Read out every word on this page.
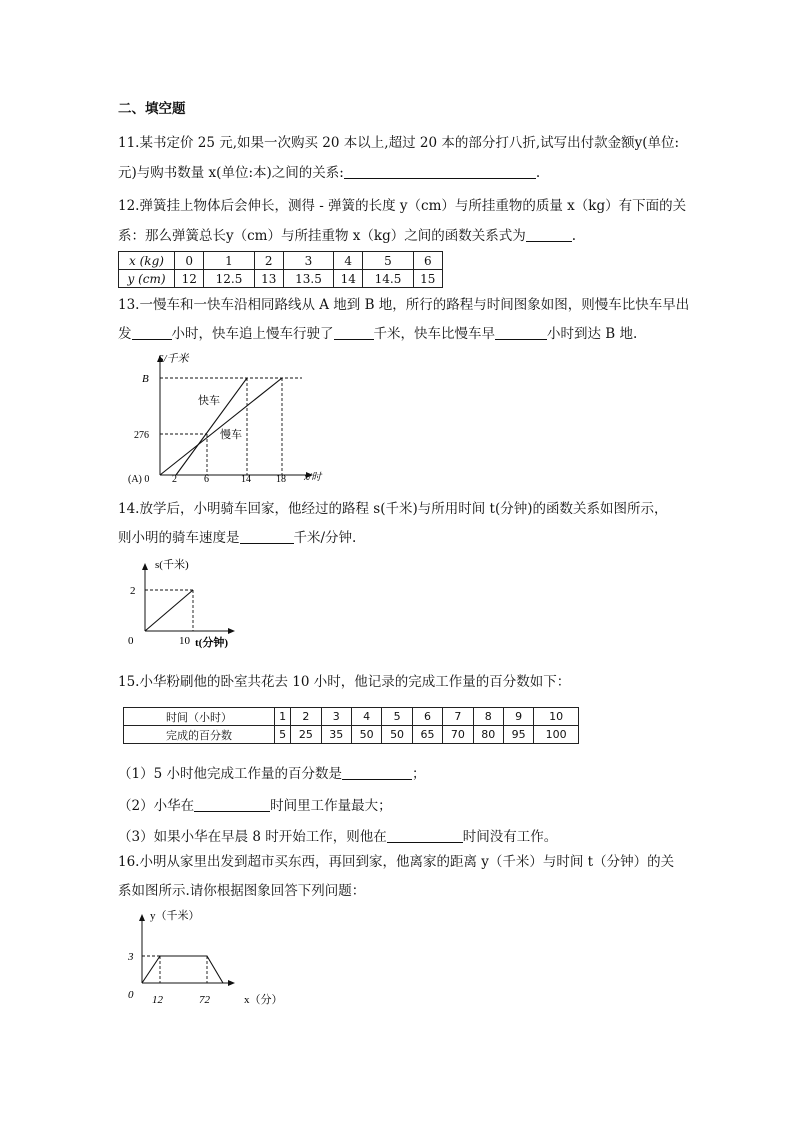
二、填空题
11.某书定价 25 元,如果一次购买 20 本以上,超过 20 本的部分打八折,试写出付款金额y(单位:
元)与购书数量 x(单位:本)之间的关系:	.
12.弹簧挂上物体后会伸长，测得 - 弹簧的长度 y（cm）与所挂重物的质量 x（kg）有下面的关
系：那么弹簧总长y（cm）与所挂重物 x（kg）之间的函数关系式为	.
x (kg)	0	1	2	3	4	5	6
y (cm)	12	12.5	13	13.5	14	14.5	15
13.一慢车和一快车沿相同路线从 A 地到 B 地，所行的路程与时间图象如图，则慢车比快车早出
发	小时，快车追上慢车行驶了	千米，快车比慢车早	小时到达 B 地.
S/千米
x/时
B
276
(A) 0 2	6	14	18
快车
慢车
14.放学后，小明骑车回家，他经过的路程 s(千米)与所用时间 t(分钟)的函数关系如图所示，
则小明的骑车速度是	千米/分钟.
s(千米)
2
0	10 t(分钟)
15.小华粉刷他的卧室共花去 10 小时，他记录的完成工作量的百分数如下：
时间（小时）	1	2	3	4	5	6	7	8	9	10
完成的百分数	5	25	35	50	50	65	70	80	95	100
（1）5 小时他完成工作量的百分数是	；
（2）小华在	时间里工作量最大；
（3）如果小华在早晨 8 时开始工作，则他在	时间没有工作。
16.小明从家里出发到超市买东西，再回到家，他离家的距离 y（千米）与时间 t（分钟）的关
系如图所示.请你根据图象回答下列问题：
y（千米）
3
0 12	72	x（分）
